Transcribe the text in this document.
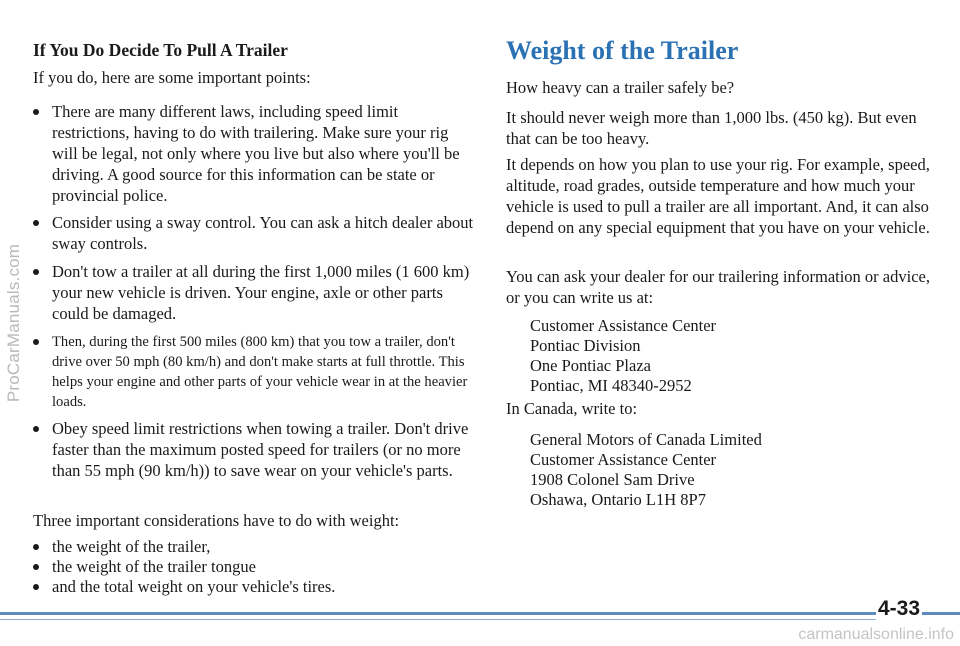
ProCarManuals.com
If You Do Decide To Pull A Trailer

If you do, here are some important points:

There are many different laws, including speed limit restrictions, having to do with trailering. Make sure your rig will be legal, not only where you live but also where you'll be driving. A good source for this information can be state or provincial police.
Consider using a sway control. You can ask a hitch dealer about sway controls.
Don't tow a trailer at all during the first 1,000 miles (1 600 km) your new vehicle is driven. Your engine, axle or other parts could be damaged.
Then, during the first 500 miles (800 km) that you tow a trailer, don't drive over 50 mph (80 km/h) and don't make starts at full throttle. This helps your engine and other parts of your vehicle wear in at the heavier loads.
Obey speed limit restrictions when towing a trailer. Don't drive faster than the maximum posted speed for trailers (or no more than 55 mph (90 km/h)) to save wear on your vehicle's parts.

Three important considerations have to do with weight:

the weight of the trailer,
the weight of the trailer tongue
and the total weight on your vehicle's tires.
Weight of the Trailer

How heavy can a trailer safely be?

It should never weigh more than 1,000 lbs. (450 kg). But even that can be too heavy.

It depends on how you plan to use your rig. For example, speed, altitude, road grades, outside temperature and how much your vehicle is used to pull a trailer are all important. And, it can also depend on any special equipment that you have on your vehicle.

You can ask your dealer for our trailering information or advice, or you can write us at:

Customer Assistance Center
Pontiac Division
One Pontiac Plaza
Pontiac, MI 48340-2952

In Canada, write to:

General Motors of Canada Limited
Customer Assistance Center
1908 Colonel Sam Drive
Oshawa, Ontario L1H 8P7
4-33
carmanualsonline.info
